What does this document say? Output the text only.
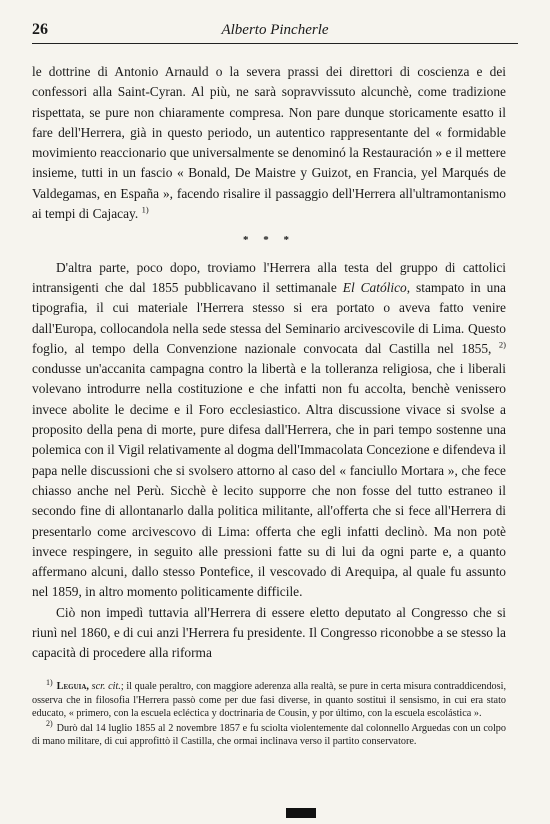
26	Alberto Pincherle

le dottrine di Antonio Arnauld o la severa prassi dei direttori di coscienza e dei confessori alla Saint-Cyran. Al più, ne sarà sopravvissuto alcunchè, come tradizione rispettata, se pure non chiaramente compresa. Non pare dunque storicamente esatto il fare dell'Herrera, già in questo periodo, un autentico rappresentante del « formidable movimiento reaccionario que universalmente se denominó la Restauración » e il mettere insieme, tutti in un fascio « Bonald, De Maistre y Guizot, en Francia, yel Marqués de Valdegamas, en España », facendo risalire il passaggio dell'Herrera all'ultramontanismo ai tempi di Cajacay. $^{1)}$

* * *

D'altra parte, poco dopo, troviamo l'Herrera alla testa del gruppo di cattolici intransigenti che dal 1855 pubblicavano il settimanale El Católico, stampato in una tipografia, il cui materiale l'Herrera stesso si era portato o aveva fatto venire dall'Europa, collocandola nella sede stessa del Seminario arcivescovile di Lima. Questo foglio, al tempo della Convenzione nazionale convocata dal Castilla nel 1855, $^{2)}$ condusse un'accanita campagna contro la libertà e la tolleranza religiosa, che i liberali volevano introdurre nella costituzione e che infatti non fu accolta, benchè venissero invece abolite le decime e il Foro ecclesiastico. Altra discussione vivace si svolse a proposito della pena di morte, pure difesa dall'Herrera, che in pari tempo sostenne una polemica con il Vigil relativamente al dogma dell'Immacolata Concezione e difendeva il papa nelle discussioni che si svolsero attorno al caso del « fanciullo Mortara », che fece chiasso anche nel Perù. Sicchè è lecito supporre che non fosse del tutto estraneo il secondo fine di allontanarlo dalla politica militante, all'offerta che si fece all'Herrera di presentarlo come arcivescovo di Lima: offerta che egli infatti declinò. Ma non potè invece respingere, in seguito alle pressioni fatte su di lui da ogni parte e, a quanto affermano alcuni, dallo stesso Pontefice, il vescovado di Arequipa, al quale fu assunto nel 1859, in altro momento politicamente difficile.

Ciò non impedì tuttavia all'Herrera di essere eletto deputato al Congresso che si riunì nel 1860, e di cui anzi l'Herrera fu presidente. Il Congresso riconobbe a se stesso la capacità di procedere alla riforma

$^{1)}$ Leguia, scr. cit.; il quale peraltro, con maggiore aderenza alla realtà, se pure in certa misura contraddicendosi, osserva che in filosofia l'Herrera passò come per due fasi diverse, in quanto sostituì il sensismo, in cui era stato educato, « primero, con la escuela ecléctica y doctrinaria de Cousin, y por último, con la escuela escolástica ».

$^{2)}$ Durò dal 14 luglio 1855 al 2 novembre 1857 e fu sciolta violentemente dal colonnello Arguedas con un colpo di mano militare, di cui approfittò il Castilla, che ormai inclinava verso il partito conservatore.
